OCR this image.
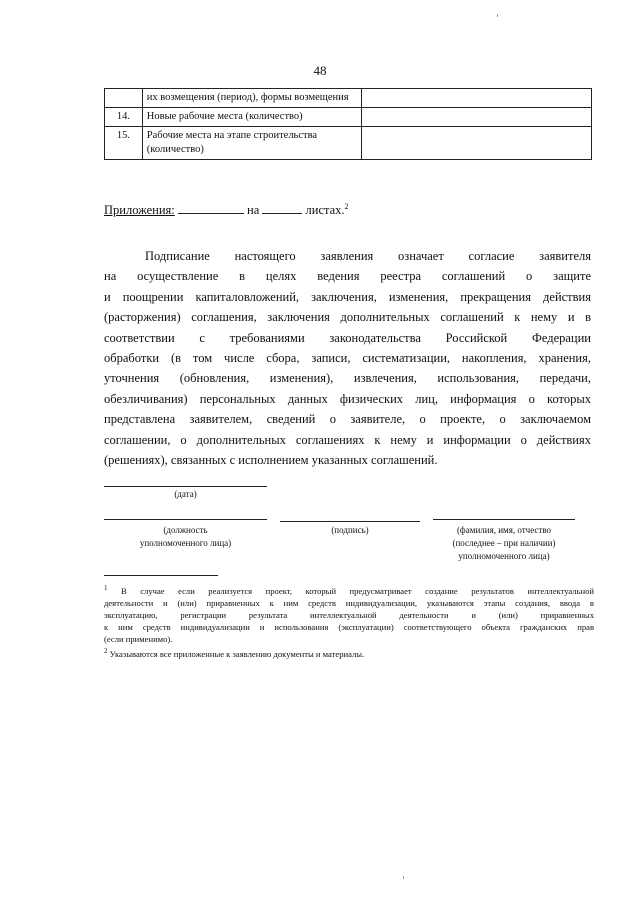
48
	их возмещения (период), формы возмещения	
14.	Новые рабочие места (количество)	
15.	Рабочие места на этапе строительства (количество)	
Приложения:	на	листах.$^2$
Подписание настоящего заявления означает согласие заявителя
на осуществление в целях ведения реестра соглашений о защите
и поощрении капиталовложений, заключения, изменения, прекращения действия
(расторжения) соглашения, заключения дополнительных соглашений к нему и в
соответствии с требованиями законодательства Российской Федерации
обработки (в том числе сбора, записи, систематизации, накопления, хранения,
уточнения (обновления, изменения), извлечения, использования, передачи,
обезличивания) персональных данных физических лиц, информация о которых
представлена заявителем, сведений о заявителе, о проекте, о заключаемом
соглашении, о дополнительных соглашениях к нему и информации о действиях
(решениях), связанных с исполнением указанных соглашений.
(дата)
(должность
уполномоченного лица)
(подпись)	(фамилия, имя, отчество
(последнее – при наличии)
уполномоченного лица)
$^1$ В случае если реализуется проект, который предусматривает создание результатов интеллектуальной
деятельности и (или) приравненных к ним средств индивидуализации, указываются этапы создания, ввода в
эксплуатацию, регистрации результата интеллектуальной деятельности и (или) приравненных
к ним средств индивидуализации и использования (эксплуатации) соответствующего объекта гражданских прав
(если применимо).
$^2$ Указываются все приложенные к заявлению документы и материалы.
